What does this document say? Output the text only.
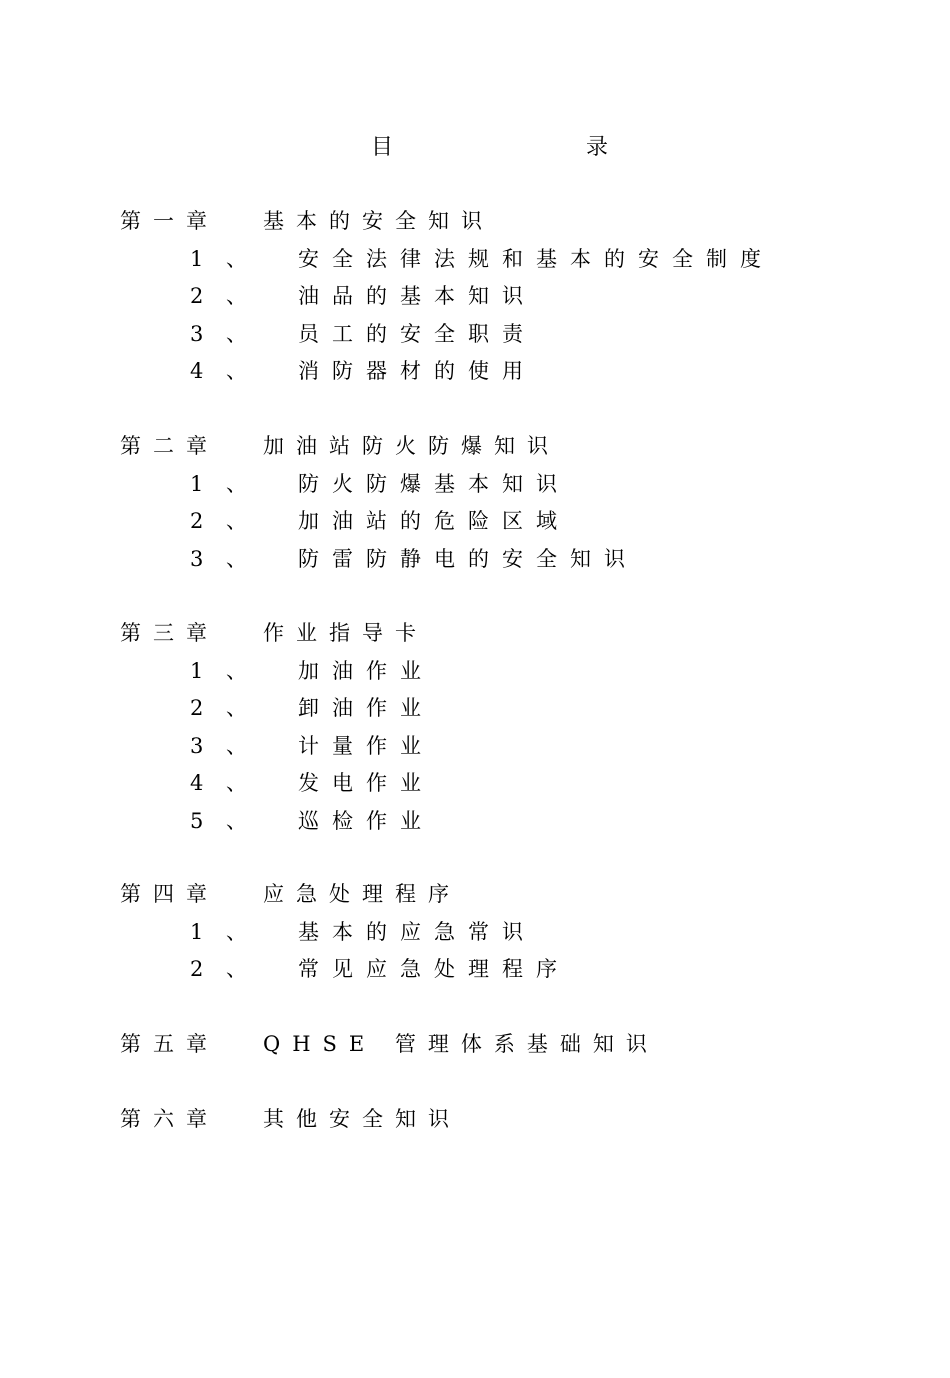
目	录
第一章 基本的安全知识
1	、 安全法律法规和基本的安全制度
2	、 油品的基本知识
3	、 员工的安全职责
4	、 消防器材的使用
第二章 加油站防火防爆知识
1	、 防火防爆基本知识
2	、 加油站的危险区域
3	、 防雷防静电的安全知识
第三章 作业指导卡
1	、 加油作业
2	、 卸油作业
3	、 计量作业
4	、 发电作业
5	、 巡检作业
第四章 应急处理程序
1	、 基本的应急常识
2	、 常见应急处理程序
第五章 QHSE 管理体系基础知识
第六章 其他安全知识
